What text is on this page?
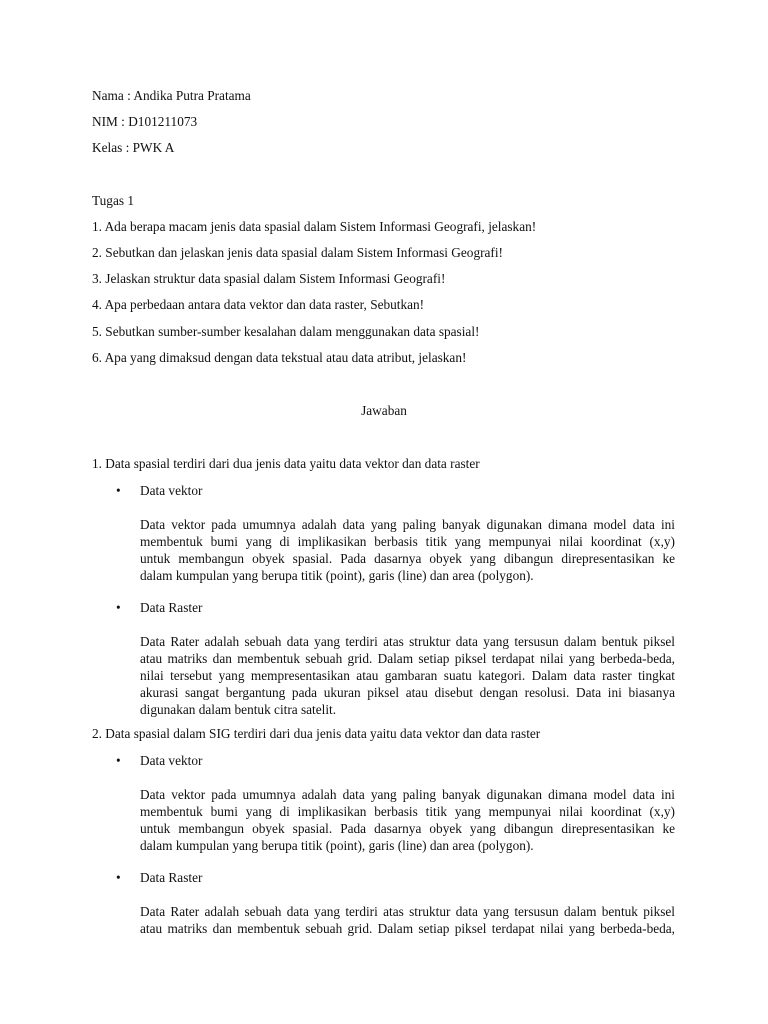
Nama : Andika Putra Pratama
NIM : D101211073
Kelas : PWK A
Tugas 1
1. Ada berapa macam jenis data spasial dalam Sistem Informasi Geografi, jelaskan!
2. Sebutkan dan jelaskan jenis data spasial dalam Sistem Informasi Geografi!
3. Jelaskan struktur data spasial dalam Sistem Informasi Geografi!
4. Apa perbedaan antara data vektor dan data raster, Sebutkan!
5. Sebutkan sumber-sumber kesalahan dalam menggunakan data spasial!
6. Apa yang dimaksud dengan data tekstual atau data atribut, jelaskan!
Jawaban
1. Data spasial terdiri dari dua jenis data yaitu data vektor dan data raster
• Data vektor
Data vektor pada umumnya adalah data yang paling banyak digunakan dimana model data ini
membentuk bumi yang di implikasikan berbasis titik yang mempunyai nilai koordinat (x,y)
untuk membangun obyek spasial. Pada dasarnya obyek yang dibangun direpresentasikan ke
dalam kumpulan yang berupa titik (point), garis (line) dan area (polygon).
• Data Raster
Data Rater adalah sebuah data yang terdiri atas struktur data yang tersusun dalam bentuk piksel
atau matriks dan membentuk sebuah grid. Dalam setiap piksel terdapat nilai yang berbeda-beda,
nilai tersebut yang mempresentasikan atau gambaran suatu kategori. Dalam data raster tingkat
akurasi sangat bergantung pada ukuran piksel atau disebut dengan resolusi. Data ini biasanya
digunakan dalam bentuk citra satelit.
2. Data spasial dalam SIG terdiri dari dua jenis data yaitu data vektor dan data raster
• Data vektor
Data vektor pada umumnya adalah data yang paling banyak digunakan dimana model data ini
membentuk bumi yang di implikasikan berbasis titik yang mempunyai nilai koordinat (x,y)
untuk membangun obyek spasial. Pada dasarnya obyek yang dibangun direpresentasikan ke
dalam kumpulan yang berupa titik (point), garis (line) dan area (polygon).
• Data Raster
Data Rater adalah sebuah data yang terdiri atas struktur data yang tersusun dalam bentuk piksel
atau matriks dan membentuk sebuah grid. Dalam setiap piksel terdapat nilai yang berbeda-beda,
